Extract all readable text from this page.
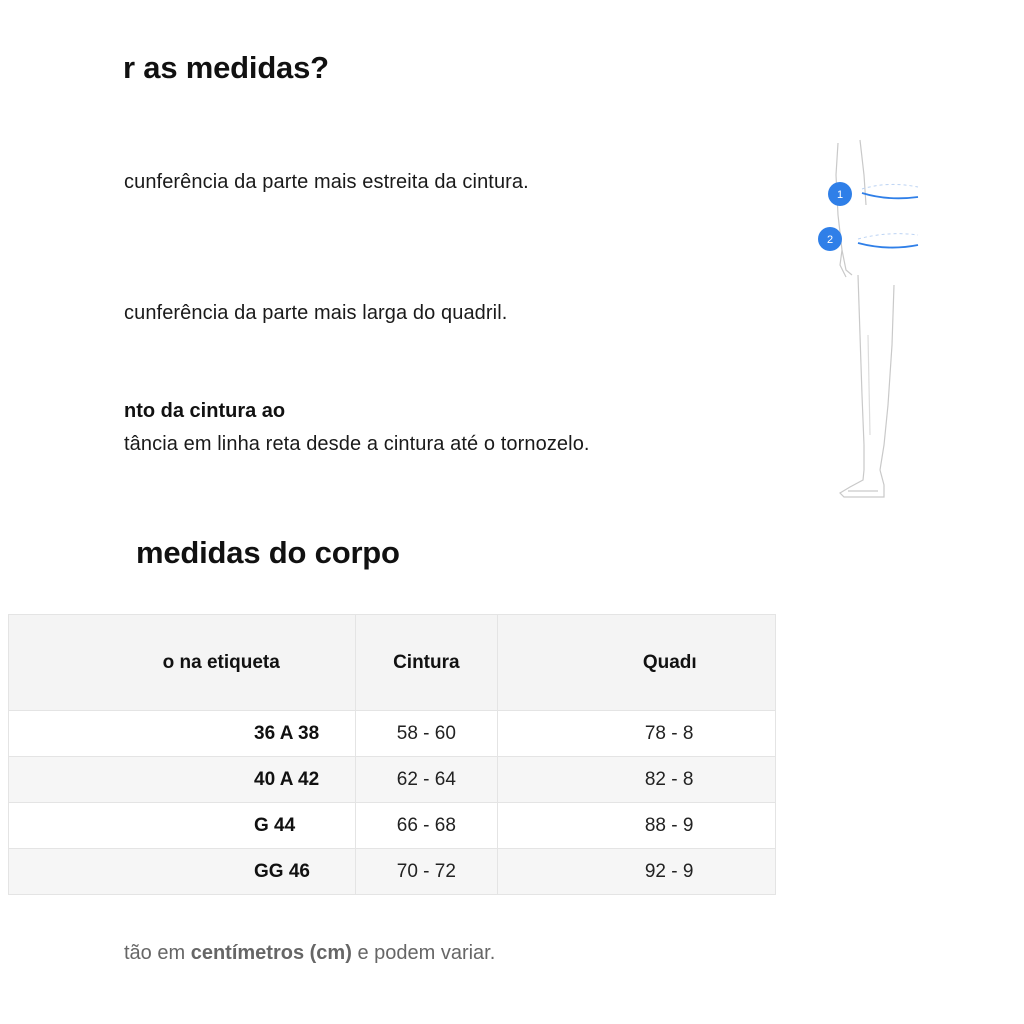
r as medidas?
cunferência da parte mais estreita da cintura.
cunferência da parte mais larga do quadril.
nto da cintura ao
tância em linha reta desde a cintura até o tornozelo.
1
2
medidas do corpo
o na etiqueta	Cintura	Quadı
36 A 38	58 - 60	78 - 8
40 A 42	62 - 64	82 - 8
G 44	66 - 68	88 - 9
GG 46	70 - 72	92 - 9
tão em centímetros (cm) e podem variar.
